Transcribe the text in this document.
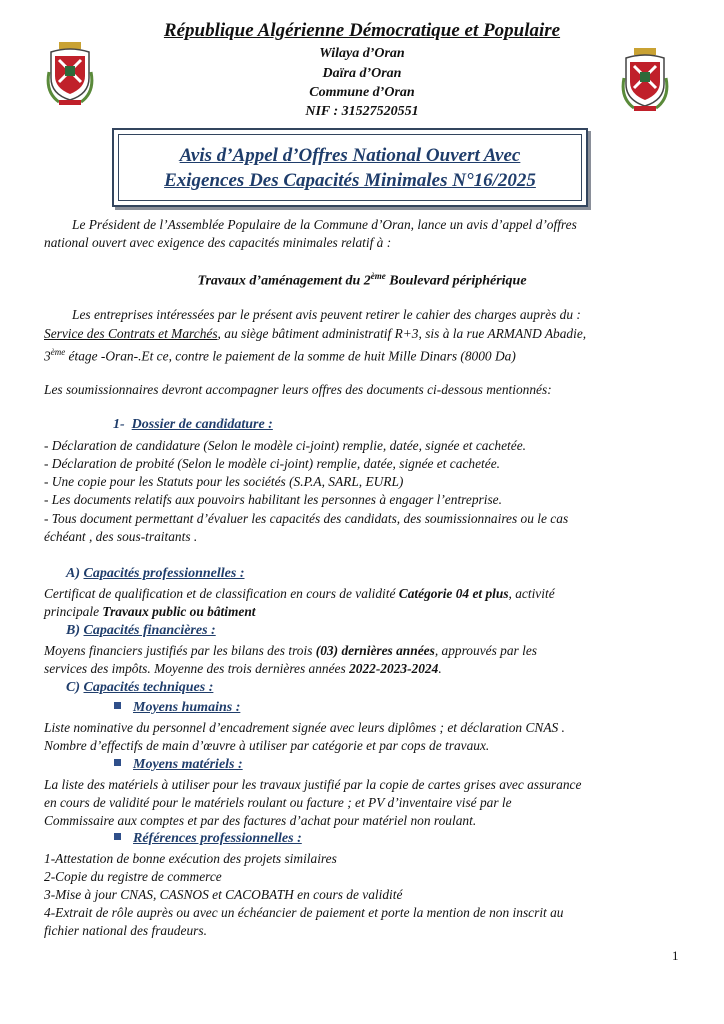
République Algérienne Démocratique et Populaire
Wilaya d’Oran
Daïra d’Oran
Commune d’Oran
NIF : 31527520551
Avis d’Appel d’Offres National Ouvert Avec
Exigences Des Capacités Minimales N°16/2025
Le Président de l’Assemblée Populaire de la Commune d’Oran, lance un avis d’appel d’offres
national ouvert avec exigence des capacités minimales relatif à :
Travaux d’aménagement du 2ème Boulevard périphérique
Les entreprises intéressées par le présent avis peuvent retirer le cahier des charges auprès du :
Service des Contrats et Marchés, au siège bâtiment administratif R+3, sis à la rue ARMAND Abadie,
3ème étage -Oran-.Et ce, contre le paiement de la somme de huit Mille Dinars (8000 Da)
Les soumissionnaires devront accompagner leurs offres des documents ci-dessous mentionnés:
1- Dossier de candidature :
- Déclaration de candidature (Selon le modèle ci-joint) remplie, datée, signée et cachetée.
- Déclaration de probité (Selon le modèle ci-joint) remplie, datée, signée et cachetée.
- Une copie pour les Statuts pour les sociétés (S.P.A, SARL, EURL)
- Les documents relatifs aux pouvoirs habilitant les personnes à engager l’entreprise.
- Tous document permettant d’évaluer les capacités des candidats, des soumissionnaires ou le cas
échéant , des sous-traitants .
A) Capacités professionnelles :
Certificat de qualification et de classification en cours de validité Catégorie 04 et plus, activité
principale Travaux public ou bâtiment
B) Capacités financières :
Moyens financiers justifiés par les bilans des trois (03) dernières années, approuvés par les
services des impôts. Moyenne des trois dernières années 2022-2023-2024.
C) Capacités techniques :
Moyens humains :
Liste nominative du personnel d’encadrement signée avec leurs diplômes ; et déclaration CNAS .
Nombre d’effectifs de main d’œuvre à utiliser par catégorie et par cops de travaux.
Moyens matériels :
La liste des matériels à utiliser pour les travaux justifié par la copie de cartes grises avec assurance
en cours de validité pour le matériels roulant ou facture ; et PV d’inventaire visé par le
Commissaire aux comptes et par des factures d’achat pour matériel non roulant.
Références professionnelles :
1-Attestation de bonne exécution des projets similaires
2-Copie du registre de commerce
3-Mise à jour CNAS, CASNOS et CACOBATH en cours de validité
4-Extrait de rôle auprès ou avec un échéancier de paiement et porte la mention de non inscrit au
fichier national des fraudeurs.
1
